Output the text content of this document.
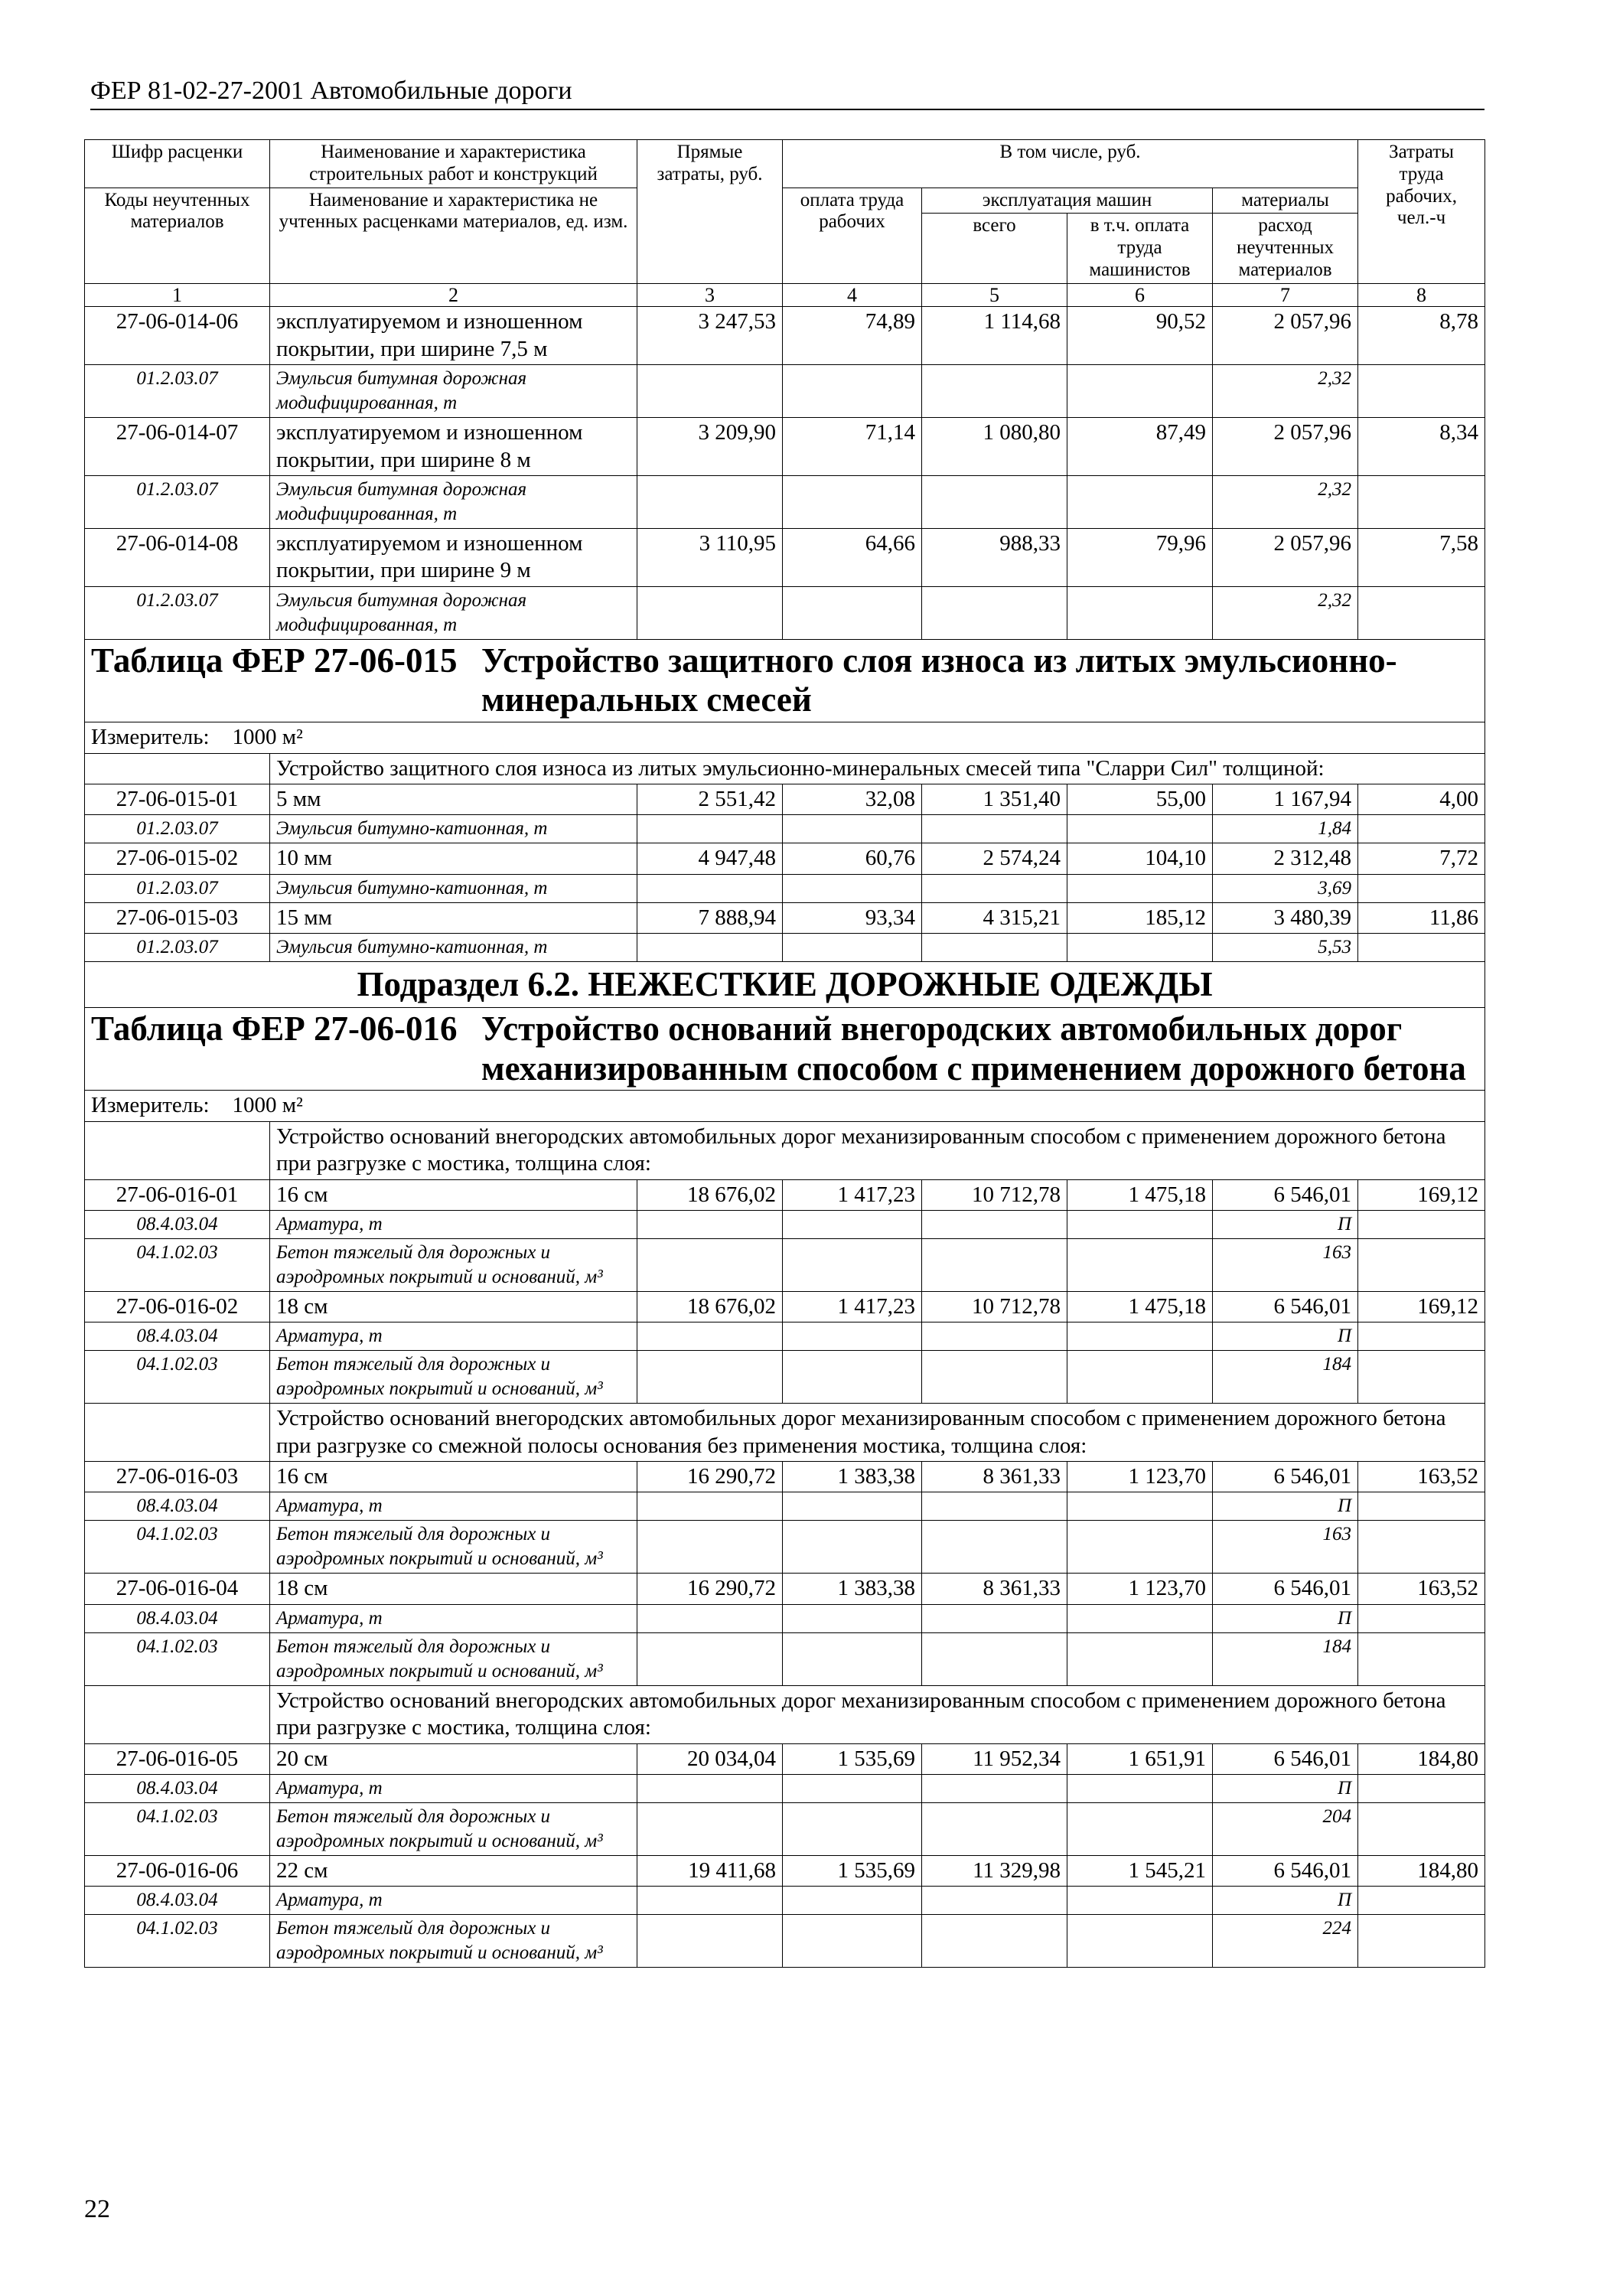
ФЕР 81-02-27-2001 Автомобильные дороги
Шифр расценки	Наименование и характеристика строительных работ и конструкций	Прямые затраты, руб.	В том числе, руб.				Затраты труда рабочих, чел.-ч
Коды неучтенных материалов	Наименование и характеристика не учтенных расценками материалов, ед. изм.		оплата труда рабочих	эксплуатация машин		материалы	
				всего	в т.ч. оплата труда машинистов	расход неучтенных материалов	
1	2	3	4	5	6	7	8
27-06-014-06	эксплуатируемом и изношенном покрытии, при ширине 7,5 м	3 247,53	74,89	1 114,68	90,52	2 057,96	8,78
01.2.03.07	Эмульсия битумная дорожная модифицированная, т					2,32	
27-06-014-07	эксплуатируемом и изношенном покрытии, при ширине 8 м	3 209,90	71,14	1 080,80	87,49	2 057,96	8,34
01.2.03.07	Эмульсия битумная дорожная модифицированная, т					2,32	
27-06-014-08	эксплуатируемом и изношенном покрытии, при ширине 9 м	3 110,95	64,66	988,33	79,96	2 057,96	7,58
01.2.03.07	Эмульсия битумная дорожная модифицированная, т					2,32	

Таблица ФЕР 27-06-015 Устройство защитного слоя износа из литых эмульсионно-минеральных смесей							

Измеритель: 1000 м²							
	Устройство защитного слоя износа из литых эмульсионно-минеральных смесей типа "Сларри Сил" толщиной:						
27-06-015-01	5 мм	2 551,42	32,08	1 351,40	55,00	1 167,94	4,00
01.2.03.07	Эмульсия битумно-катионная, т					1,84	
27-06-015-02	10 мм	4 947,48	60,76	2 574,24	104,10	2 312,48	7,72
01.2.03.07	Эмульсия битумно-катионная, т					3,69	
27-06-015-03	15 мм	7 888,94	93,34	4 315,21	185,12	3 480,39	11,86
01.2.03.07	Эмульсия битумно-катионная, т					5,53	
Подраздел 6.2. НЕЖЕСТКИЕ ДОРОЖНЫЕ ОДЕЖДЫ							

Таблица ФЕР 27-06-016 Устройство оснований внегородских автомобильных дорог механизированным способом с применением дорожного бетона							

Измеритель: 1000 м²							
	Устройство оснований внегородских автомобильных дорог механизированным способом с применением дорожного бетона при разгрузке с мостика, толщина слоя:						
27-06-016-01	16 см	18 676,02	1 417,23	10 712,78	1 475,18	6 546,01	169,12
08.4.03.04	Арматура, т					П	
04.1.02.03	Бетон тяжелый для дорожных и аэродромных покрытий и оснований, м³					163	
27-06-016-02	18 см	18 676,02	1 417,23	10 712,78	1 475,18	6 546,01	169,12
08.4.03.04	Арматура, т					П	
04.1.02.03	Бетон тяжелый для дорожных и аэродромных покрытий и оснований, м³					184	
	Устройство оснований внегородских автомобильных дорог механизированным способом с применением дорожного бетона при разгрузке со смежной полосы основания без применения мостика, толщина слоя:						
27-06-016-03	16 см	16 290,72	1 383,38	8 361,33	1 123,70	6 546,01	163,52
08.4.03.04	Арматура, т					П	
04.1.02.03	Бетон тяжелый для дорожных и аэродромных покрытий и оснований, м³					163	
27-06-016-04	18 см	16 290,72	1 383,38	8 361,33	1 123,70	6 546,01	163,52
08.4.03.04	Арматура, т					П	
04.1.02.03	Бетон тяжелый для дорожных и аэродромных покрытий и оснований, м³					184	
	Устройство оснований внегородских автомобильных дорог механизированным способом с применением дорожного бетона при разгрузке с мостика, толщина слоя:						
27-06-016-05	20 см	20 034,04	1 535,69	11 952,34	1 651,91	6 546,01	184,80
08.4.03.04	Арматура, т					П	
04.1.02.03	Бетон тяжелый для дорожных и аэродромных покрытий и оснований, м³					204	
27-06-016-06	22 см	19 411,68	1 535,69	11 329,98	1 545,21	6 546,01	184,80
08.4.03.04	Арматура, т					П	
04.1.02.03	Бетон тяжелый для дорожных и аэродромных покрытий и оснований, м³					224	
22
